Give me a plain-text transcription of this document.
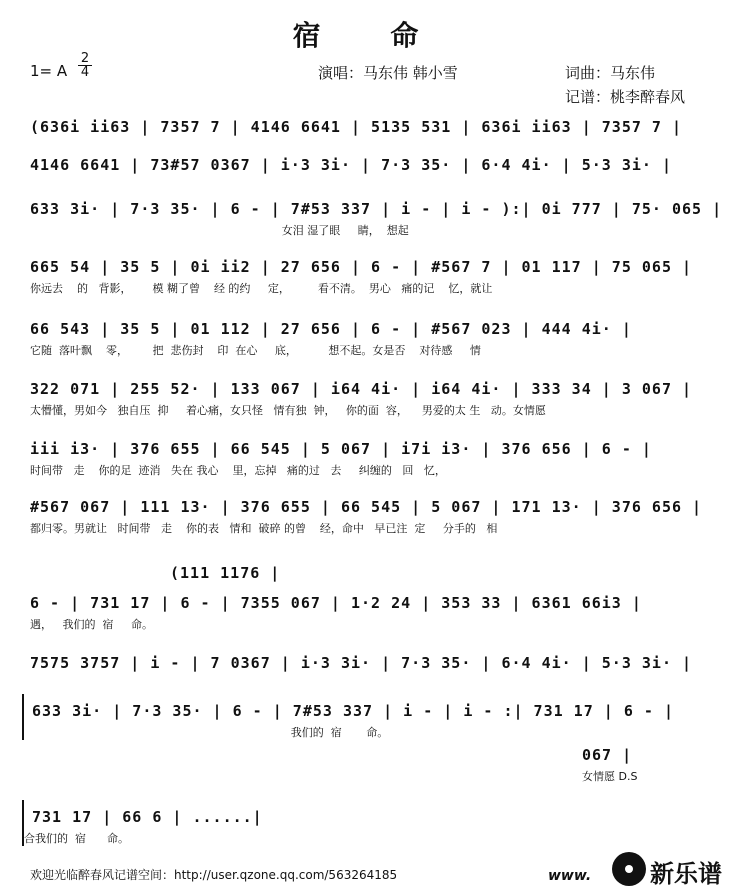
宿 命
1= A
2
4	演唱：马东伟 韩小雪	词曲：马东伟
记谱：桃李醉春风
(636i ii63 | 7357 7 | 4146 6641 | 5135 531 | 636i ii63 | 7357 7 |
4146 6641 | 73#57 0367 | i·3 3i· | 7·3 35· | 6·4 4i· | 5·3 3i· |
633 3i· | 7·3 35· | 6 - | 7#53 337 | i - | i - ):| 0i 777 | 75· 065 |
女泪 湿了眼     睛，  想起
665 54 | 35 5 | 0i ii2 | 27 656 | 6 - | #567 7 | 01 117 | 75 065 |
你远去    的   背影，      模 糊了曾    经 的约     定，        看不清。  男心   痛的记    忆，就让
66 543 | 35 5 | 01 112 | 27 656 | 6 - | #567 023 | 444 4i· |
它随  落叶飘    零，       把  悲伤封    印  在心     底，         想不起。女是否    对待感     情
322 071 | 255 52· | 133 067 | i64 4i· | i64 4i· | 333 34 | 3 067 |
太懵懂，男如今   独自压  抑     着心痛，女只怪   情有独  钟，   你的面  容，    男爱的太 生   动。女情愿
iii i3· | 376 655 | 66 545 | 5 067 | i7i i3· | 376 656 | 6 - |
时间带   走    你的足  迹消   失在 我心    里，忘掉   痛的过   去     纠缠的   回   忆，
#567 067 | 111 13· | 376 655 | 66 545 | 5 067 | 171 13· | 376 656 |
都归零。男就让   时间带   走    你的表   情和  破碎 的曾    经，命中   早已注  定     分手的   相
(111 1176 |
6 - | 731 17 | 6 - | 7355 067 | 1·2 24 | 353 33 | 6361 66i3 |
遇，   我们的  宿     命。
7575 3757 | i - | 7 0367 | i·3 3i· | 7·3 35· | 6·4 4i· | 5·3 3i· |
633 3i· | 7·3 35· | 6 - | 7#53 337 | i - | i - :| 731 17 | 6 - |
我们的  宿       命。
067 |
女情愿 D.S
731 17 | 66 6 | ......|
合我们的  宿      命。
欢迎光临醉春风记谱空间：http://user.qzone.qq.com/563264185	www. 新乐谱
